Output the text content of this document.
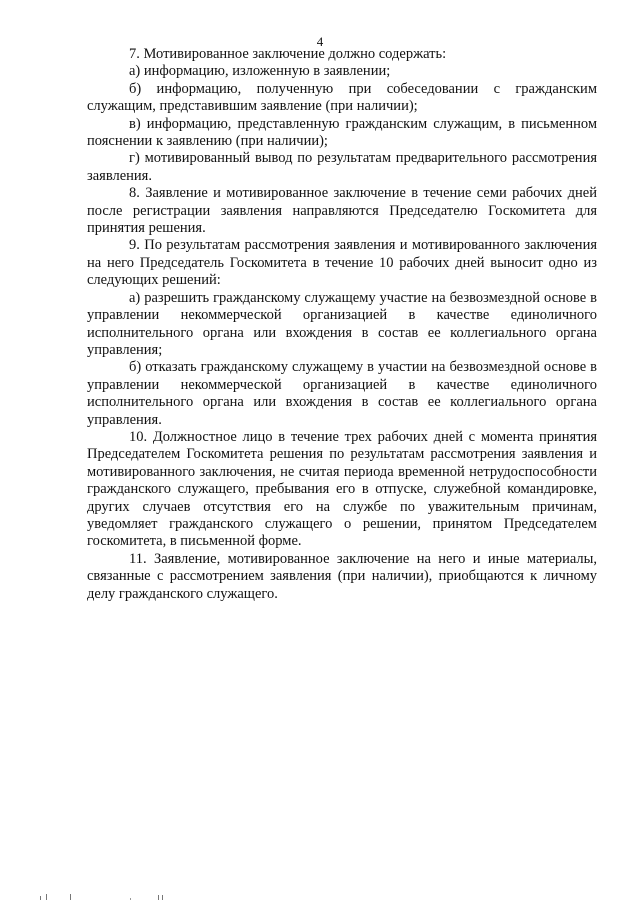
4

7. Мотивированное заключение должно содержать:

а) информацию, изложенную в заявлении;

б) информацию, полученную при собеседовании с гражданским служащим, представившим заявление (при наличии);

в) информацию, представленную гражданским служащим, в письменном пояснении к заявлению (при наличии);

г) мотивированный вывод по результатам предварительного рассмотрения заявления.

8. Заявление и мотивированное заключение в течение семи рабочих дней после регистрации заявления направляются Председателю Госкомитета для принятия решения.

9. По результатам рассмотрения заявления и мотивированного заключения на него Председатель Госкомитета в течение 10 рабочих дней выносит одно из следующих решений:

а) разрешить гражданскому служащему участие на безвозмездной основе в управлении некоммерческой организацией в качестве единоличного исполнительного органа или вхождения в состав ее коллегиального органа управления;

б) отказать гражданскому служащему в участии на безвозмездной основе в управлении некоммерческой организацией в качестве единоличного исполнительного органа или вхождения в состав ее коллегиального органа управления.

10. Должностное лицо в течение трех рабочих дней с момента принятия Председателем Госкомитета решения по результатам рассмотрения заявления и мотивированного заключения, не считая периода временной нетрудоспособности гражданского служащего, пребывания его в отпуске, служебной командировке, других случаев отсутствия его на службе по уважительным причинам, уведомляет гражданского служащего о решении, принятом Председателем госкомитета, в письменной форме.

11. Заявление, мотивированное заключение на него и иные материалы, связанные с рассмотрением заявления (при наличии), приобщаются к личному делу гражданского служащего.
